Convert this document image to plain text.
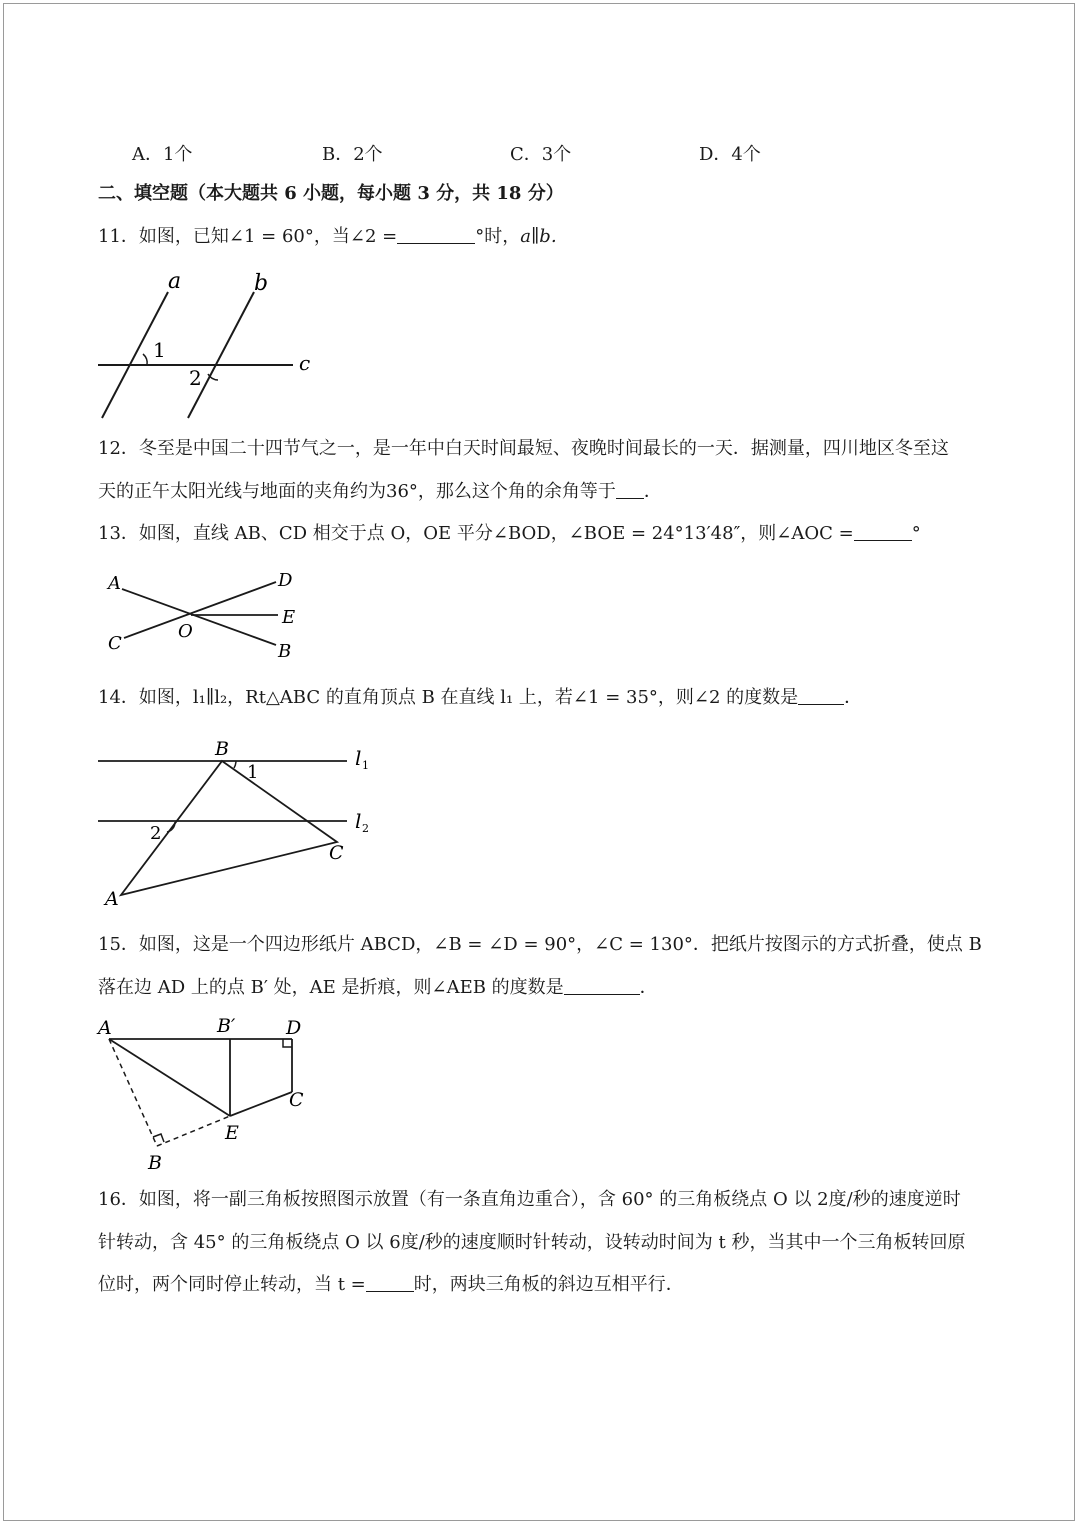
A．1个	B．2个	C．3个	D．4个
二、填空题（本大题共 6 小题，每小题 3 分，共 18 分）
11．如图，已知∠1 = 60°，当∠2 =	°时，a∥b．
a	b
c
1
2
12．冬至是中国二十四节气之一，是一年中白天时间最短、夜晚时间最长的一天．据测量，四川地区冬至这
天的正午太阳光线与地面的夹角约为36°，那么这个角的余角等于 ．
13．如图，直线 AB、CD 相交于点 O，OE 平分∠BOD，∠BOE = 24°13′48″，则∠AOC =	°
A	D
E
O
C	B
14．如图，l₁∥l₂，Rt△ABC 的直角顶点 B 在直线 l₁ 上，若∠1 = 35°，则∠2 的度数是	．
B
1
l 1
l 2
2
C
A
15．如图，这是一个四边形纸片 ABCD，∠B = ∠D = 90°，∠C = 130°．把纸片按图示的方式折叠，使点 B
落在边 AD 上的点 B′ 处，AE 是折痕，则∠AEB 的度数是	．
A	B′	D
C
E
B
16．如图，将一副三角板按照图示放置（有一条直角边重合），含 60° 的三角板绕点 O 以 2度/秒的速度逆时
针转动，含 45° 的三角板绕点 O 以 6度/秒的速度顺时针转动，设转动时间为 t 秒，当其中一个三角板转回原
位时，两个同时停止转动，当 t =	时，两块三角板的斜边互相平行．
